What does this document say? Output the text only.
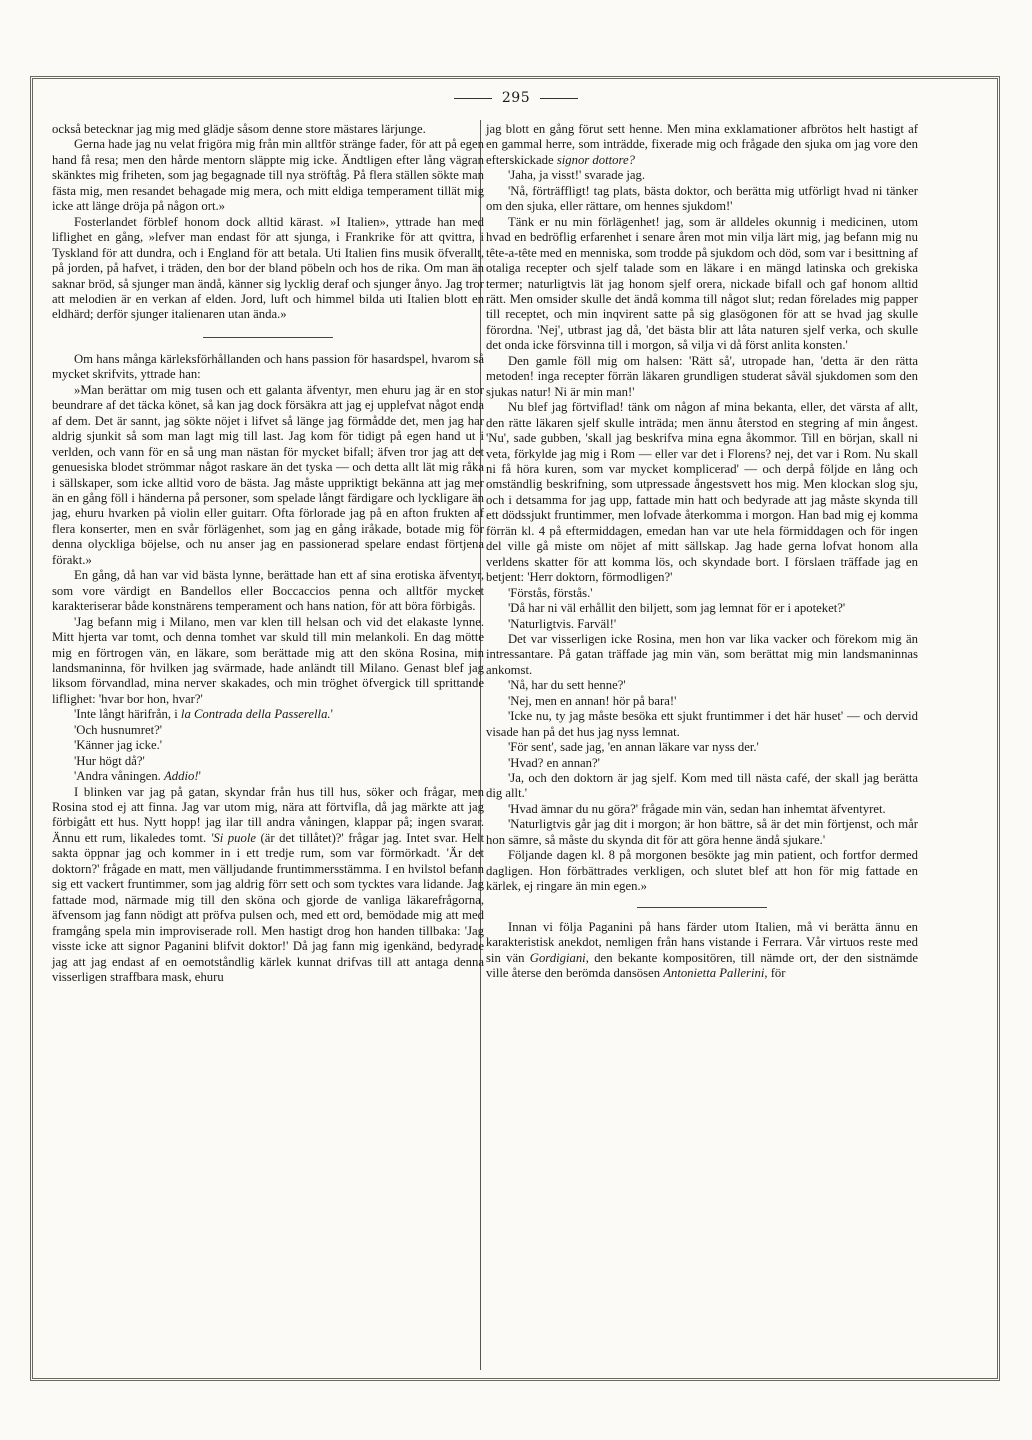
295

också betecknar jag mig med glädje såsom denne store mästares lärjunge.

Gerna hade jag nu velat frigöra mig från min alltför stränge fader, för att på egen hand få resa; men den hårde mentorn släppte mig icke. Ändtligen efter lång vägran skänktes mig friheten, som jag begagnade till nya ströftåg. På flera ställen sökte man fästa mig, men resandet behagade mig mera, och mitt eldiga temperament tillät mig icke att länge dröja på någon ort.»

Fosterlandet förblef honom dock alltid kärast. »I Italien», yttrade han med liflighet en gång, »lefver man endast för att sjunga, i Frankrike för att qvittra, i Tyskland för att dundra, och i England för att betala. Uti Italien fins musik öfverallt, på jorden, på hafvet, i träden, den bor der bland pöbeln och hos de rika. Om man än saknar bröd, så sjunger man ändå, känner sig lycklig deraf och sjunger ånyo. Jag tror att melodien är en verkan af elden. Jord, luft och himmel bilda uti Italien blott en eldhärd; derför sjunger italienaren utan ända.»

Om hans många kärleksförhållanden och hans passion för hasardspel, hvarom så mycket skrifvits, yttrade han:

»Man berättar om mig tusen och ett galanta äfventyr, men ehuru jag är en stor beundrare af det täcka könet, så kan jag dock försäkra att jag ej upplefvat något enda af dem. Det är sannt, jag sökte nöjet i lifvet så länge jag förmådde det, men jag har aldrig sjunkit så som man lagt mig till last. Jag kom för tidigt på egen hand ut i verlden, och vann för en så ung man nästan för mycket bifall; äfven tror jag att det genuesiska blodet strömmar något raskare än det tyska — och detta allt lät mig råka i sällskaper, som icke alltid voro de bästa. Jag måste uppriktigt bekänna att jag mer än en gång föll i händerna på personer, som spelade långt färdigare och lyckligare än jag, ehuru hvarken på violin eller guitarr. Ofta förlorade jag på en afton frukten af flera konserter, men en svår förlägenhet, som jag en gång iråkade, botade mig för denna olyckliga böjelse, och nu anser jag en passionerad spelare endast förtjena förakt.»

En gång, då han var vid bästa lynne, berättade han ett af sina erotiska äfventyr, som vore värdigt en Bandellos eller Boccaccios penna och alltför mycket karakteriserar både konstnärens temperament och hans nation, för att böra förbigås.

'Jag befann mig i Milano, men var klen till helsan och vid det elakaste lynne. Mitt hjerta var tomt, och denna tomhet var skuld till min melankoli. En dag mötte mig en förtrogen vän, en läkare, som berättade mig att den sköna Rosina, min landsmaninna, för hvilken jag svärmade, hade anländt till Milano. Genast blef jag liksom förvandlad, mina nerver skakades, och min tröghet öfvergick till sprittande liflighet: 'hvar bor hon, hvar?'

'Inte långt härifrån, i la Contrada della Passerella.'

'Och husnumret?'

'Känner jag icke.'

'Hur högt då?'

'Andra våningen. Addio!'

I blinken var jag på gatan, skyndar från hus till hus, söker och frågar, men Rosina stod ej att finna. Jag var utom mig, nära att förtvifla, då jag märkte att jag förbigått ett hus. Nytt hopp! jag ilar till andra våningen, klappar på; ingen svarar. Ännu ett rum, likaledes tomt. 'Si puole (är det tillåtet)?' frågar jag. Intet svar. Helt sakta öppnar jag och kommer in i ett tredje rum, som var förmörkadt. 'Är det doktorn?' frågade en matt, men välljudande fruntimmersstämma. I en hvilstol befann sig ett vackert fruntimmer, som jag aldrig förr sett och som tycktes vara lidande. Jag fattade mod, närmade mig till den sköna och gjorde de vanliga läkarefrågorna, äfvensom jag fann nödigt att pröfva pulsen och, med ett ord, bemödade mig att med framgång spela min improviserade roll. Men hastigt drog hon handen tillbaka: 'Jag visste icke att signor Paganini blifvit doktor!' Då jag fann mig igenkänd, bedyrade jag att jag endast af en oemotståndlig kärlek kunnat drifvas till att antaga denna visserligen straffbara mask, ehuru

jag blott en gång förut sett henne. Men mina exklamationer afbrötos helt hastigt af en gammal herre, som inträdde, fixerade mig och frågade den sjuka om jag vore den efterskickade signor dottore?

'Jaha, ja visst!' svarade jag.

'Nå, förträffligt! tag plats, bästa doktor, och berätta mig utförligt hvad ni tänker om den sjuka, eller rättare, om hennes sjukdom!'

Tänk er nu min förlägenhet! jag, som är alldeles okunnig i medicinen, utom hvad en bedröflig erfarenhet i senare åren mot min vilja lärt mig, jag befann mig nu tête-a-tête med en menniska, som trodde på sjukdom och död, som var i besittning af otaliga recepter och sjelf talade som en läkare i en mängd latinska och grekiska termer; naturligtvis lät jag honom sjelf orera, nickade bifall och gaf honom alltid rätt. Men omsider skulle det ändå komma till något slut; redan förelades mig papper till receptet, och min inqvirent satte på sig glasögonen för att se hvad jag skulle förordna. 'Nej', utbrast jag då, 'det bästa blir att låta naturen sjelf verka, och skulle det onda icke försvinna till i morgon, så vilja vi då först anlita konsten.'

Den gamle föll mig om halsen: 'Rätt så', utropade han, 'detta är den rätta metoden! inga recepter förrän läkaren grundligen studerat såväl sjukdomen som den sjukas natur! Ni är min man!'

Nu blef jag förtviflad! tänk om någon af mina bekanta, eller, det värsta af allt, den rätte läkaren sjelf skulle inträda; men ännu återstod en stegring af min ångest. 'Nu', sade gubben, 'skall jag beskrifva mina egna åkommor. Till en början, skall ni veta, förkylde jag mig i Rom — eller var det i Florens? nej, det var i Rom. Nu skall ni få höra kuren, som var mycket komplicerad' — och derpå följde en lång och omständlig beskrifning, som utpressade ångestsvett hos mig. Men klockan slog sju, och i detsamma for jag upp, fattade min hatt och bedyrade att jag måste skynda till ett dödssjukt fruntimmer, men lofvade återkomma i morgon. Han bad mig ej komma förrän kl. 4 på eftermiddagen, emedan han var ute hela förmiddagen och för ingen del ville gå miste om nöjet af mitt sällskap. Jag hade gerna lofvat honom alla verldens skatter för att komma lös, och skyndade bort. I förslaen träffade jag en betjent: 'Herr doktorn, förmodligen?'

'Förstås, förstås.'

'Då har ni väl erhållit den biljett, som jag lemnat för er i apoteket?'

'Naturligtvis. Farväl!'

Det var visserligen icke Rosina, men hon var lika vacker och förekom mig än intressantare. På gatan träffade jag min vän, som berättat mig min landsmaninnas ankomst.

'Nå, har du sett henne?'

'Nej, men en annan! hör på bara!'

'Icke nu, ty jag måste besöka ett sjukt fruntimmer i det här huset' — och dervid visade han på det hus jag nyss lemnat.

'För sent', sade jag, 'en annan läkare var nyss der.'

'Hvad? en annan?'

'Ja, och den doktorn är jag sjelf. Kom med till nästa café, der skall jag berätta dig allt.'

'Hvad ämnar du nu göra?' frågade min vän, sedan han inhemtat äfventyret.

'Naturligtvis går jag dit i morgon; är hon bättre, så är det min förtjenst, och mår hon sämre, så måste du skynda dit för att göra henne ändå sjukare.'

Följande dagen kl. 8 på morgonen besökte jag min patient, och fortfor dermed dagligen. Hon förbättrades verkligen, och slutet blef att hon för mig fattade en kärlek, ej ringare än min egen.»

Innan vi följa Paganini på hans färder utom Italien, må vi berätta ännu en karakteristisk anekdot, nemligen från hans vistande i Ferrara. Vår virtuos reste med sin vän Gordigiani, den bekante kompositören, till nämde ort, der den sistnämde ville återse den berömda dansösen Antonietta Pallerini, för
